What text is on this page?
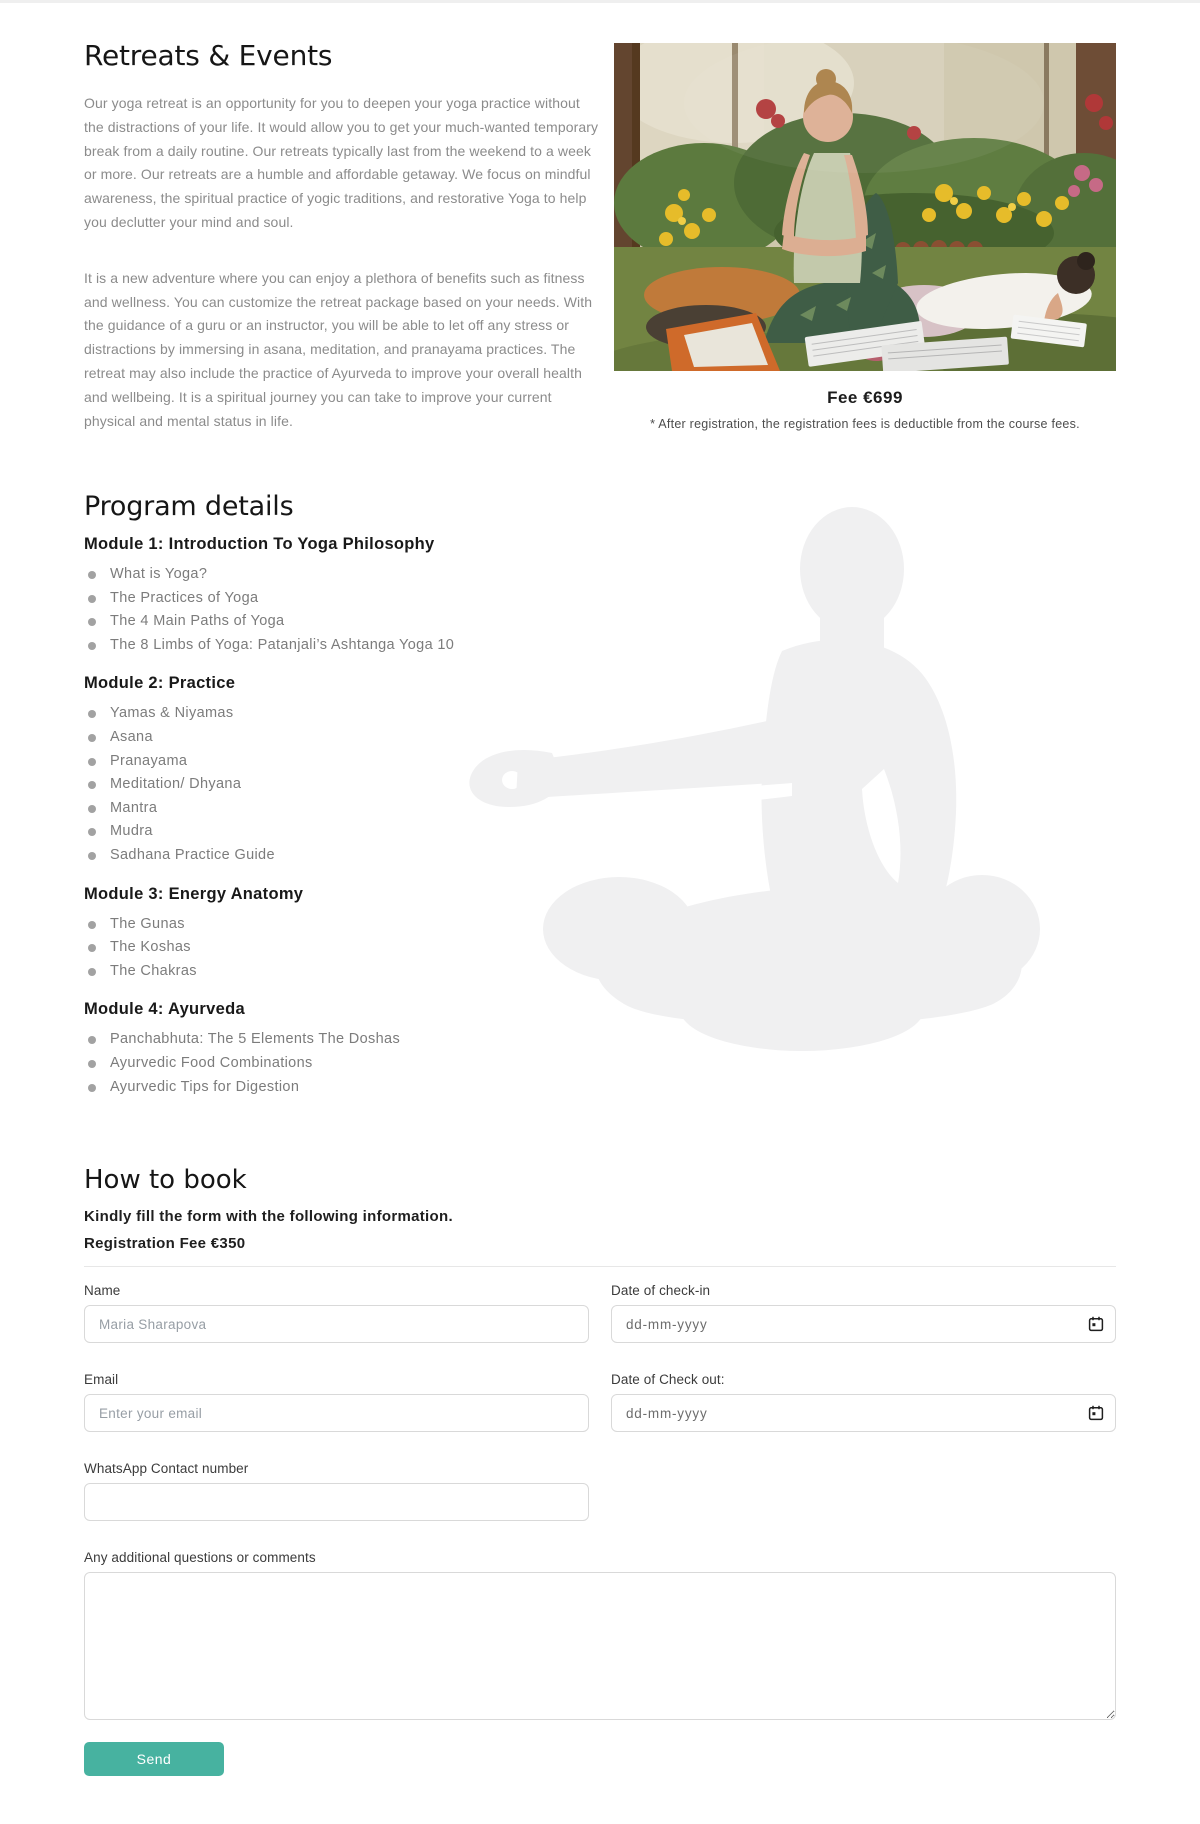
Retreats & Events

Our yoga retreat is an opportunity for you to deepen your yoga practice without the distractions of your life. It would allow you to get your much-wanted temporary break from a daily routine. Our retreats typically last from the weekend to a week or more. Our retreats are a humble and affordable getaway. We focus on mindful awareness, the spiritual practice of yogic traditions, and restorative Yoga to help you declutter your mind and soul.

It is a new adventure where you can enjoy a plethora of benefits such as fitness and wellness. You can customize the retreat package based on your needs. With the guidance of a guru or an instructor, you will be able to let off any stress or distractions by immersing in asana, meditation, and pranayama practices. The retreat may also include the practice of Ayurveda to improve your overall health and wellbeing. It is a spiritual journey you can take to improve your current physical and mental status in life.

Fee €699
* After registration, the registration fees is deductible from the course fees.
Program details
Module 1: Introduction To Yoga Philosophy
What is Yoga?
The Practices of Yoga
The 4 Main Paths of Yoga
The 8 Limbs of Yoga: Patanjali’s Ashtanga Yoga 10
Module 2: Practice
Yamas & Niyamas
Asana
Pranayama
Meditation/ Dhyana
Mantra
Mudra
Sadhana Practice Guide
Module 3: Energy Anatomy
The Gunas
The Koshas
The Chakras
Module 4: Ayurveda
Panchabhuta: The 5 Elements The Doshas
Ayurvedic Food Combinations
Ayurvedic Tips for Digestion
How to book

Kindly fill the form with the following information.

Registration Fee €350

Name
Maria Sharapova	Date of check-in
dd-mm-yyyy
Email
Enter your email	Date of Check out:
dd-mm-yyyy
WhatsApp Contact number
Any additional questions or comments
Send
